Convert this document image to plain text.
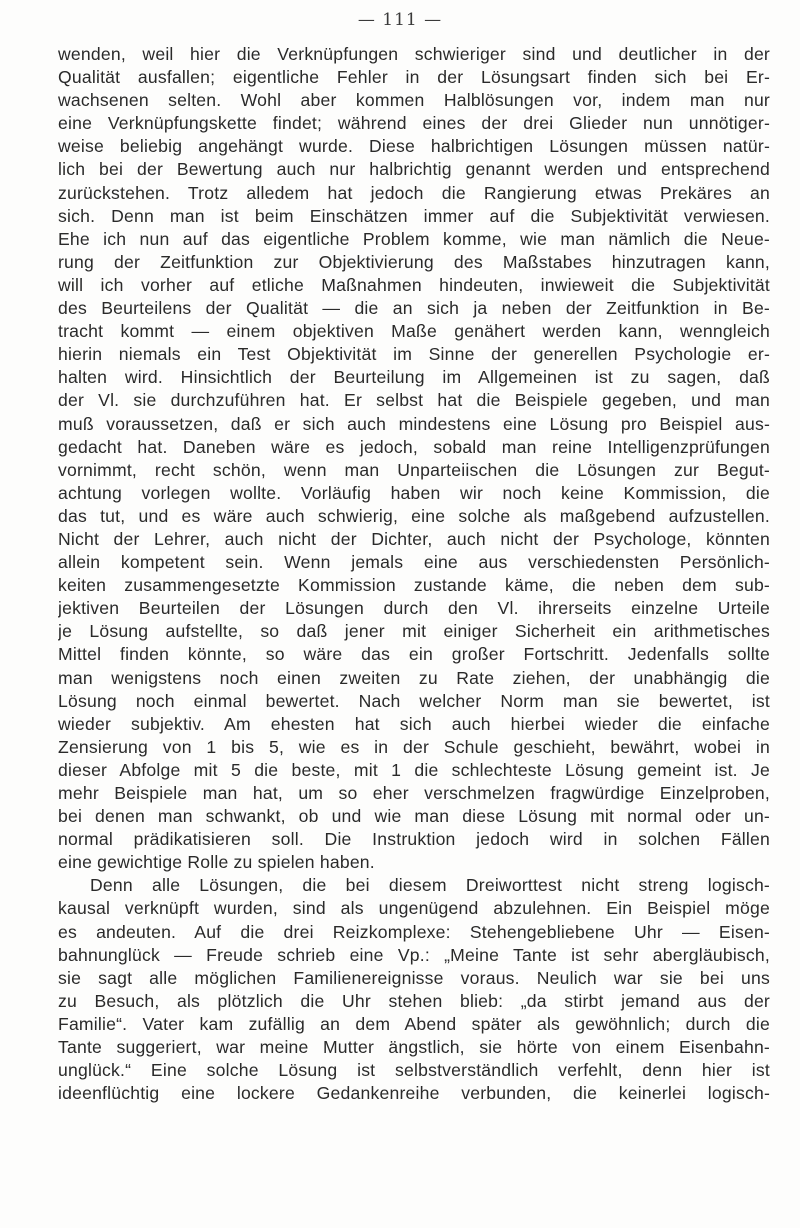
— 111 —
wenden, weil hier die Verknüpfungen schwieriger sind und deutlicher in der
Qualität ausfallen; eigentliche Fehler in der Lösungsart finden sich bei Er-
wachsenen selten. Wohl aber kommen Halblösungen vor, indem man nur
eine Verknüpfungskette findet; während eines der drei Glieder nun unnötiger-
weise beliebig angehängt wurde. Diese halbrichtigen Lösungen müssen natür-
lich bei der Bewertung auch nur halbrichtig genannt werden und entsprechend
zurückstehen. Trotz alledem hat jedoch die Rangierung etwas Prekäres an
sich. Denn man ist beim Einschätzen immer auf die Subjektivität verwiesen.
Ehe ich nun auf das eigentliche Problem komme, wie man nämlich die Neue-
rung der Zeitfunktion zur Objektivierung des Maßstabes hinzutragen kann,
will ich vorher auf etliche Maßnahmen hindeuten, inwieweit die Subjektivität
des Beurteilens der Qualität — die an sich ja neben der Zeitfunktion in Be-
tracht kommt — einem objektiven Maße genähert werden kann, wenngleich
hierin niemals ein Test Objektivität im Sinne der generellen Psychologie er-
halten wird. Hinsichtlich der Beurteilung im Allgemeinen ist zu sagen, daß
der Vl. sie durchzuführen hat. Er selbst hat die Beispiele gegeben, und man
muß voraussetzen, daß er sich auch mindestens eine Lösung pro Beispiel aus-
gedacht hat. Daneben wäre es jedoch, sobald man reine Intelligenzprüfungen
vornimmt, recht schön, wenn man Unparteiischen die Lösungen zur Begut-
achtung vorlegen wollte. Vorläufig haben wir noch keine Kommission, die
das tut, und es wäre auch schwierig, eine solche als maßgebend aufzustellen.
Nicht der Lehrer, auch nicht der Dichter, auch nicht der Psychologe, könnten
allein kompetent sein. Wenn jemals eine aus verschiedensten Persönlich-
keiten zusammengesetzte Kommission zustande käme, die neben dem sub-
jektiven Beurteilen der Lösungen durch den Vl. ihrerseits einzelne Urteile
je Lösung aufstellte, so daß jener mit einiger Sicherheit ein arithmetisches
Mittel finden könnte, so wäre das ein großer Fortschritt. Jedenfalls sollte
man wenigstens noch einen zweiten zu Rate ziehen, der unabhängig die
Lösung noch einmal bewertet. Nach welcher Norm man sie bewertet, ist
wieder subjektiv. Am ehesten hat sich auch hierbei wieder die einfache
Zensierung von 1 bis 5, wie es in der Schule geschieht, bewährt, wobei in
dieser Abfolge mit 5 die beste, mit 1 die schlechteste Lösung gemeint ist. Je
mehr Beispiele man hat, um so eher verschmelzen fragwürdige Einzelproben,
bei denen man schwankt, ob und wie man diese Lösung mit normal oder un-
normal prädikatisieren soll. Die Instruktion jedoch wird in solchen Fällen
eine gewichtige Rolle zu spielen haben.
Denn alle Lösungen, die bei diesem Dreiworttest nicht streng logisch-
kausal verknüpft wurden, sind als ungenügend abzulehnen. Ein Beispiel möge
es andeuten. Auf die drei Reizkomplexe: Stehengebliebene Uhr — Eisen-
bahnunglück — Freude schrieb eine Vp.: „Meine Tante ist sehr abergläubisch,
sie sagt alle möglichen Familienereignisse voraus. Neulich war sie bei uns
zu Besuch, als plötzlich die Uhr stehen blieb: „da stirbt jemand aus der
Familie“. Vater kam zufällig an dem Abend später als gewöhnlich; durch die
Tante suggeriert, war meine Mutter ängstlich, sie hörte von einem Eisenbahn-
unglück.“ Eine solche Lösung ist selbstverständlich verfehlt, denn hier ist
ideenflüchtig eine lockere Gedankenreihe verbunden, die keinerlei logisch-
